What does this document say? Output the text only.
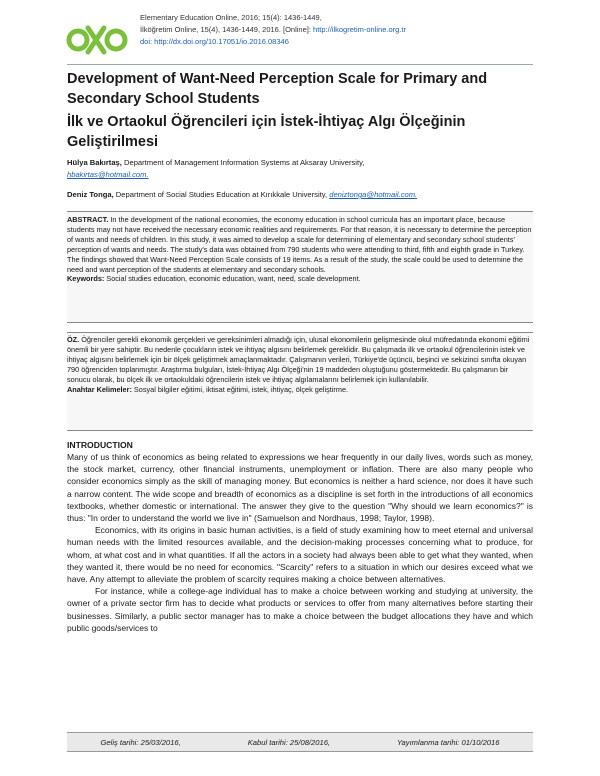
Elementary Education Online, 2016; 15(4): 1436-1449,
İlköğretim Online, 15(4), 1436-1449, 2016. [Online]: http://ilkogretim-online.org.tr
doi: http://dx.doi.org/10.17051/io.2016.08346
Development of Want-Need Perception Scale for Primary and Secondary School Students
İlk ve Ortaokul Öğrencileri için İstek-İhtiyaç Algı Ölçeğinin Geliştirilmesi
Hülya Bakırtaş, Department of Management Information Systems at Aksaray University,
hbakirtas@hotmail.com.
Deniz Tonga, Department of Social Studies Education at Kırıkkale University, deniztonga@hotmail.com.
ABSTRACT. In the development of the national economies, the economy education in school curricula has an important place, because students may not have received the necessary economic realities and requirements. For that reason, it is necessary to determine the perception of wants and needs of children. In this study, it was aimed to develop a scale for determining of elementary and secondary school students' perception of wants and needs. The study's data was obtained from 790 students who were attending to third, fifth and eighth grade in Turkey. The findings showed that Want-Need Perception Scale consists of 19 items. As a result of the study, the scale could be used to determine the need and want perception of the students at elementary and secondary schools.
Keywords: Social studies education, economic education, want, need, scale development.
ÖZ. Öğrenciler gerekli ekonomik gerçekleri ve gereksinimleri almadığı için, ulusal ekonomilerin gelişmesinde okul müfredatında ekonomi eğitimi önemli bir yere sahiptir. Bu nedenle çocukların istek ve ihtiyaç algısını belirlemek gereklidir. Bu çalışmada ilk ve ortaokul öğrencilerinin istek ve ihtiyaç algısını belirlemek için bir ölçek geliştirmek amaçlanmaktadır. Çalışmanın verileri, Türkiye'de üçüncü, beşinci ve sekizinci sınıfta okuyan 790 öğrenciden toplanmıştır. Araştırma bulguları, İstek-İhtiyaç Algı Ölçeği'nin 19 maddeden oluştuğunu göstermektedir. Bu çalışmanın bir sonucu olarak, bu ölçek ilk ve ortaokuldaki öğrencilerin istek ve ihtiyaç algılamalarını belirlemek için kullanılabilir.
Anahtar Kelimeler: Sosyal bilgiler eğitimi, iktisat eğitimi, istek, ihtiyaç, ölçek geliştirme.
INTRODUCTION

Many of us think of economics as being related to expressions we hear frequently in our daily lives, words such as money, the stock market, currency, other financial instruments, unemployment or inflation. There are also many people who consider economics simply as the skill of managing money. But economics is neither a hard science, nor does it have such a narrow content. The wide scope and breadth of economics as a discipline is set forth in the introductions of all economics textbooks, whether domestic or international. The answer they give to the question "Why should we learn economics?" is thus: "In order to understand the world we live in" (Samuelson and Nordhaus, 1998; Taylor, 1998).

Economics, with its origins in basic human activities, is a field of study examining how to meet eternal and universal human needs with the limited resources available, and the decision-making processes concerning what to produce, for whom, at what cost and in what quantities. If all the actors in a society had always been able to get what they wanted, when they wanted it, there would be no need for economics. "Scarcity" refers to a situation in which our desires exceed what we have. Any attempt to alleviate the problem of scarcity requires making a choice between alternatives.

For instance, while a college-age individual has to make a choice between working and studying at university, the owner of a private sector firm has to decide what products or services to offer from many alternatives before starting their businesses. Similarly, a public sector manager has to make a choice between the budget allocations they have and which public goods/services to

Geliş tarihi: 25/03/2016,	Kabul tarihi: 25/08/2016,	Yayımlanma tarihi: 01/10/2016
